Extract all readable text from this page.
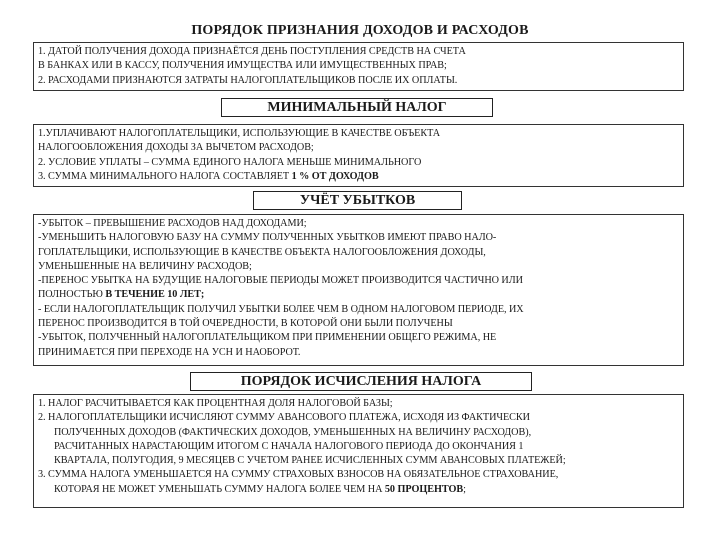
ПОРЯДОК ПРИЗНАНИЯ ДОХОДОВ И РАСХОДОВ

1. ДАТОЙ ПОЛУЧЕНИЯ ДОХОДА ПРИЗНАЁТСЯ ДЕНЬ ПОСТУПЛЕНИЯ СРЕДСТВ НА СЧЕТА

В БАНКАХ ИЛИ В КАССУ, ПОЛУЧЕНИЯ ИМУЩЕСТВА ИЛИ ИМУЩЕСТВЕННЫХ ПРАВ;

2. РАСХОДАМИ ПРИЗНАЮТСЯ ЗАТРАТЫ НАЛОГОПЛАТЕЛЬЩИКОВ ПОСЛЕ ИХ ОПЛАТЫ.

МИНИМАЛЬНЫЙ НАЛОГ

1.УПЛАЧИВАЮТ НАЛОГОПЛАТЕЛЬЩИКИ, ИСПОЛЬЗУЮЩИЕ В КАЧЕСТВЕ ОБЪЕКТА

НАЛОГООБЛОЖЕНИЯ ДОХОДЫ ЗА ВЫЧЕТОМ РАСХОДОВ;

2. УСЛОВИЕ УПЛАТЫ – СУММА ЕДИНОГО НАЛОГА МЕНЬШЕ МИНИМАЛЬНОГО

3. СУММА МИНИМАЛЬНОГО НАЛОГА СОСТАВЛЯЕТ 1 % ОТ ДОХОДОВ

УЧЁТ УБЫТКОВ

-УБЫТОК – ПРЕВЫШЕНИЕ РАСХОДОВ НАД ДОХОДАМИ;

-УМЕНЬШИТЬ НАЛОГОВУЮ БАЗУ НА СУММУ ПОЛУЧЕННЫХ УБЫТКОВ ИМЕЮТ ПРАВО НАЛО-

ГОПЛАТЕЛЬЩИКИ, ИСПОЛЬЗУЮЩИЕ В КАЧЕСТВЕ ОБЪЕКТА НАЛОГООБЛОЖЕНИЯ ДОХОДЫ,

УМЕНЬШЕННЫЕ НА ВЕЛИЧИНУ РАСХОДОВ;

-ПЕРЕНОС УБЫТКА НА БУДУЩИЕ НАЛОГОВЫЕ ПЕРИОДЫ МОЖЕТ ПРОИЗВОДИТСЯ ЧАСТИЧНО ИЛИ

ПОЛНОСТЬЮ В ТЕЧЕНИЕ 10 ЛЕТ;

- ЕСЛИ НАЛОГОПЛАТЕЛЬЩИК ПОЛУЧИЛ УБЫТКИ БОЛЕЕ ЧЕМ В ОДНОМ НАЛОГОВОМ ПЕРИОДЕ, ИХ

ПЕРЕНОС ПРОИЗВОДИТСЯ В ТОЙ ОЧЕРЕДНОСТИ, В КОТОРОЙ ОНИ БЫЛИ ПОЛУЧЕНЫ

-УБЫТОК, ПОЛУЧЕННЫЙ НАЛОГОПЛАТЕЛЬЩИКОМ ПРИ ПРИМЕНЕНИИ ОБЩЕГО РЕЖИМА, НЕ

ПРИНИМАЕТСЯ ПРИ ПЕРЕХОДЕ НА УСН И НАОБОРОТ.

ПОРЯДОК ИСЧИСЛЕНИЯ НАЛОГА

1. НАЛОГ РАСЧИТЫВАЕТСЯ КАК ПРОЦЕНТНАЯ ДОЛЯ НАЛОГОВОЙ БАЗЫ;

2. НАЛОГОПЛАТЕЛЬЩИКИ ИСЧИСЛЯЮТ СУММУ АВАНСОВОГО ПЛАТЕЖА, ИСХОДЯ ИЗ ФАКТИЧЕСКИ

ПОЛУЧЕННЫХ ДОХОДОВ (ФАКТИЧЕСКИХ ДОХОДОВ, УМЕНЬШЕННЫХ НА ВЕЛИЧИНУ РАСХОДОВ),

РАСЧИТАННЫХ НАРАСТАЮЩИМ ИТОГОМ С НАЧАЛА НАЛОГОВОГО ПЕРИОДА ДО ОКОНЧАНИЯ 1

КВАРТАЛА, ПОЛУГОДИЯ, 9 МЕСЯЦЕВ С УЧЕТОМ РАНЕЕ ИСЧИСЛЕННЫХ СУММ АВАНСОВЫХ ПЛАТЕЖЕЙ;

3. СУММА НАЛОГА УМЕНЬШАЕТСЯ НА СУММУ СТРАХОВЫХ ВЗНОСОВ НА ОБЯЗАТЕЛЬНОЕ СТРАХОВАНИЕ,

КОТОРАЯ НЕ МОЖЕТ УМЕНЬШАТЬ СУММУ НАЛОГА БОЛЕЕ ЧЕМ НА 50 ПРОЦЕНТОВ;
